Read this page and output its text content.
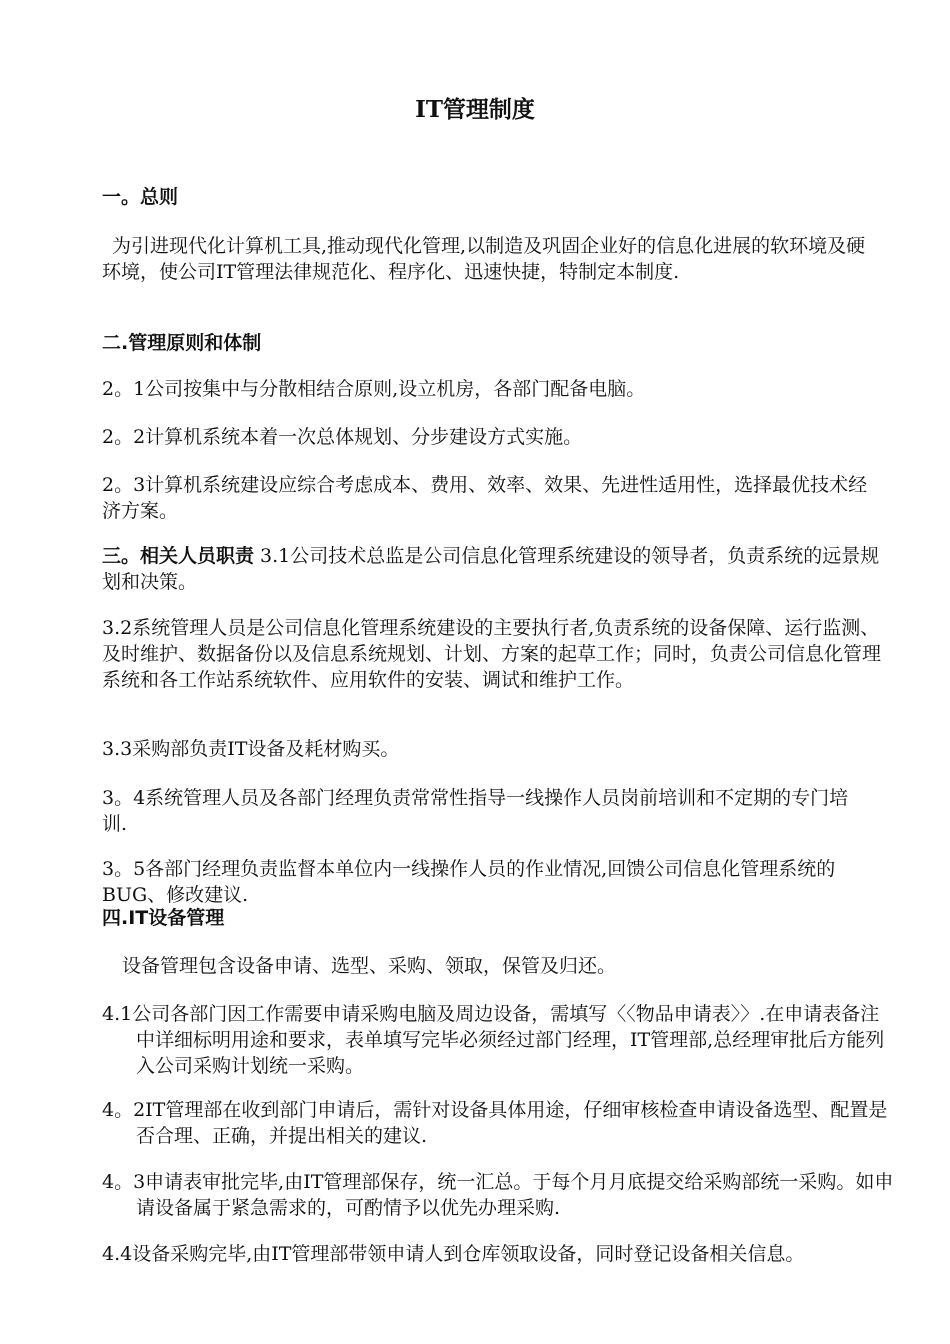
IT管理制度
一。总则
为引进现代化计算机工具,推动现代化管理,以制造及巩固企业好的信息化进展的软环境及硬环境，使公司IT管理法律规范化、程序化、迅速快捷，特制定本制度.
二.管理原则和体制
2。1公司按集中与分散相结合原则,设立机房，各部门配备电脑。
2。2计算机系统本着一次总体规划、分步建设方式实施。
2。3计算机系统建设应综合考虑成本、费用、效率、效果、先进性适用性，选择最优技术经济方案。
三。相关人员职责 3.1公司技术总监是公司信息化管理系统建设的领导者，负责系统的远景规划和决策。
3.2系统管理人员是公司信息化管理系统建设的主要执行者,负责系统的设备保障、运行监测、及时维护、数据备份以及信息系统规划、计划、方案的起草工作；同时，负责公司信息化管理系统和各工作站系统软件、应用软件的安装、调试和维护工作。
3.3采购部负责IT设备及耗材购买。
3。4系统管理人员及各部门经理负责常常性指导一线操作人员岗前培训和不定期的专门培训.
3。5各部门经理负责监督本单位内一线操作人员的作业情况,回馈公司信息化管理系统的BUG、修改建议.
四.IT设备管理
设备管理包含设备申请、选型、采购、领取，保管及归还。
4.1公司各部门因工作需要申请采购电脑及周边设备，需填写〈〈物品申请表〉〉.在申请表备注中详细标明用途和要求，表单填写完毕必须经过部门经理，IT管理部,总经理审批后方能列入公司采购计划统一采购。
4。2IT管理部在收到部门申请后，需针对设备具体用途，仔细审核检查申请设备选型、配置是否合理、正确，并提出相关的建议.
4。3申请表审批完毕,由IT管理部保存，统一汇总。于每个月月底提交给采购部统一采购。如申请设备属于紧急需求的，可酌情予以优先办理采购.
4.4设备采购完毕,由IT管理部带领申请人到仓库领取设备，同时登记设备相关信息。
